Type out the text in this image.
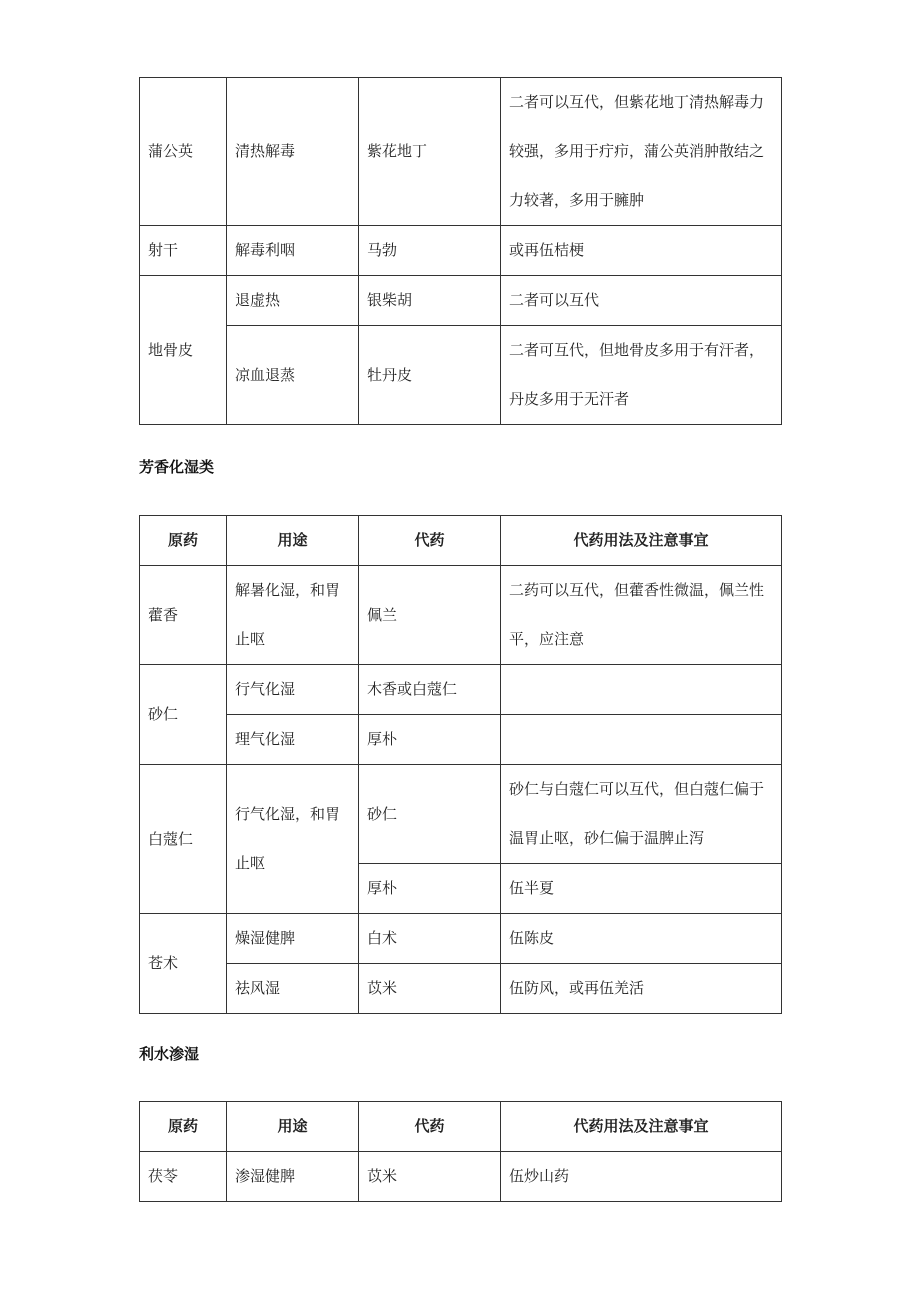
蒲公英	清热解毒	紫花地丁	二者可以互代，但紫花地丁清热解毒力较强，多用于疔疖，蒲公英消肿散结之力较著，多用于臃肿
射干	解毒利咽	马勃	或再伍桔梗
地骨皮	退虚热	银柴胡	二者可以互代
	凉血退蒸	牡丹皮	二者可互代，但地骨皮多用于有汗者，丹皮多用于无汗者
芳香化湿类
原药	用途	代药	代药用法及注意事宜
藿香	解暑化湿，和胃止呕	佩兰	二药可以互代，但藿香性微温，佩兰性平，应注意
砂仁	行气化湿	木香或白蔻仁	
	理气化湿	厚朴	
白蔻仁	行气化湿，和胃止呕	砂仁	砂仁与白蔻仁可以互代，但白蔻仁偏于温胃止呕，砂仁偏于温脾止泻
		厚朴	伍半夏
苍术	燥湿健脾	白术	伍陈皮
	祛风湿	苡米	伍防风，或再伍羌活
利水渗湿
原药	用途	代药	代药用法及注意事宜
茯苓	渗湿健脾	苡米	伍炒山药
